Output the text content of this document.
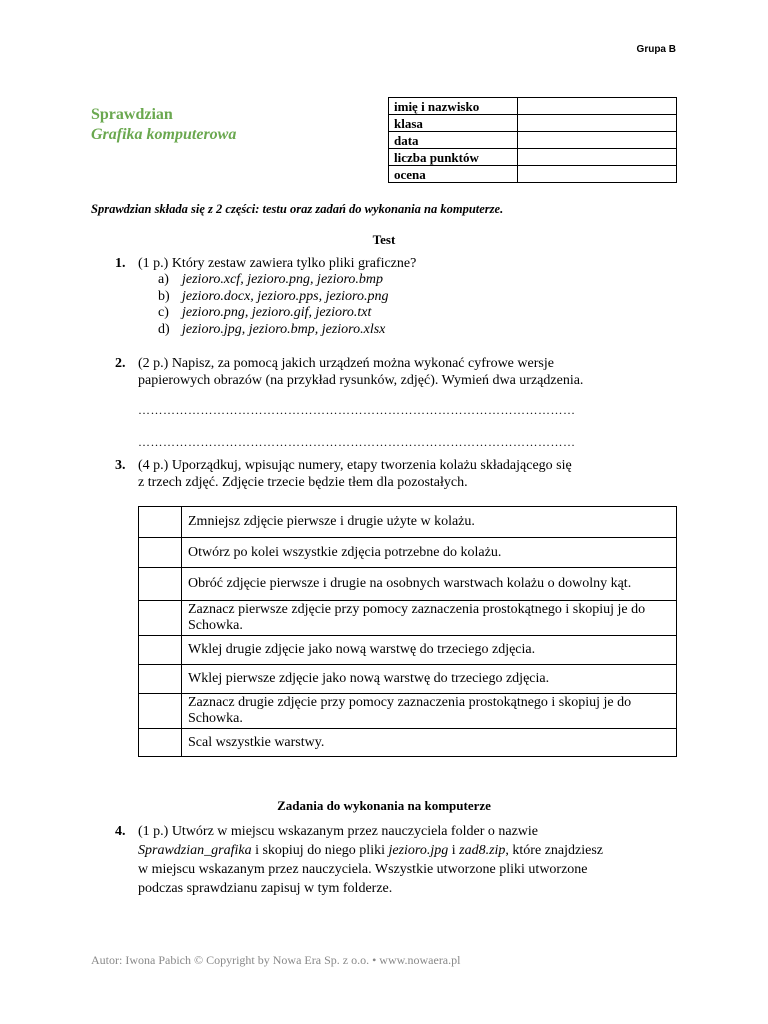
Grupa B
Sprawdzian
Grafika komputerowa
imię i nazwisko	
klasa	
data	
liczba punktów	
ocena	
Sprawdzian składa się z 2 części: testu oraz zadań do wykonania na komputerze.
Test
1. (1 p.) Który zestaw zawiera tylko pliki graficzne?
a) jezioro.xcf, jezioro.png, jezioro.bmp
b) jezioro.docx, jezioro.pps, jezioro.png
c) jezioro.png, jezioro.gif, jezioro.txt
d) jezioro.jpg, jezioro.bmp, jezioro.xlsx
2. (2 p.) Napisz, za pomocą jakich urządzeń można wykonać cyfrowe wersje
papierowych obrazów (na przykład rysunków, zdjęć). Wymień dwa urządzenia.
……………………………………………………………………………………………
……………………………………………………………………………………………
3. (4 p.) Uporządkuj, wpisując numery, etapy tworzenia kolażu składającego się
z trzech zdjęć. Zdjęcie trzecie będzie tłem dla pozostałych.
	Zmniejsz zdjęcie pierwsze i drugie użyte w kolażu.
	Otwórz po kolei wszystkie zdjęcia potrzebne do kolażu.
	Obróć zdjęcie pierwsze i drugie na osobnych warstwach kolażu o dowolny kąt.
	Zaznacz pierwsze zdjęcie przy pomocy zaznaczenia prostokątnego i skopiuj je do Schowka.
	Wklej drugie zdjęcie jako nową warstwę do trzeciego zdjęcia.
	Wklej pierwsze zdjęcie jako nową warstwę do trzeciego zdjęcia.
	Zaznacz drugie zdjęcie przy pomocy zaznaczenia prostokątnego i skopiuj je do Schowka.
	Scal wszystkie warstwy.
Zadania do wykonania na komputerze
4. (1 p.) Utwórz w miejscu wskazanym przez nauczyciela folder o nazwie
Sprawdzian_grafika i skopiuj do niego pliki jezioro.jpg i zad8.zip, które znajdziesz
w miejscu wskazanym przez nauczyciela. Wszystkie utworzone pliki utworzone
podczas sprawdzianu zapisuj w tym folderze.
Autor: Iwona Pabich © Copyright by Nowa Era Sp. z o.o. • www.nowaera.pl
